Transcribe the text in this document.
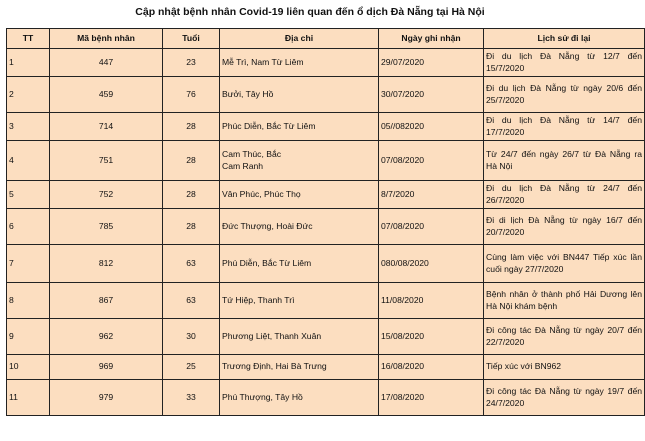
Cập nhật bệnh nhân Covid-19 liên quan đến ổ dịch Đà Nẵng tại Hà Nội
TT	Mã bệnh nhân	Tuổi	Địa chỉ	Ngày ghi nhận	Lịch sử đi lại
1	447	23	Mễ Trì, Nam Từ Liêm	29/07/2020	Đi du lịch Đà Nẵng từ 12/7 đến 15/7/2020
2	459	76	Bưởi, Tây Hồ	30/07/2020	Đi du lịch Đà Nẵng từ ngày 20/6 đến 25/7/2020
3	714	28	Phúc Diễn, Bắc Từ Liêm	05//082020	Đi du lịch Đà Nẵng từ 14/7 đến 17/7/2020
4	751	28	Cam Thúc, Bắc
Cam Ranh	07/08/2020	Từ 24/7 đến ngày 26/7 từ Đà Nẵng ra Hà Nội
5	752	28	Vân Phúc, Phúc Thọ	8/7/2020	Đi du lịch Đà Nẵng từ 24/7 đến 26/7/2020
6	785	28	Đức Thượng, Hoài Đức	07/08/2020	Đi di lịch Đà Nẵng từ ngày 16/7 đến 20/7/2020
7	812	63	Phú Diễn, Bắc Từ Liêm	080/08/2020	Cùng làm việc với BN447 Tiếp xúc lần cuối ngày 27/7/2020
8	867	63	Tứ Hiệp, Thanh Trì	11/08/2020	Bệnh nhân ở thành phố Hải Dương lên Hà Nội khám bệnh
9	962	30	Phương Liệt, Thanh Xuân	15/08/2020	Đi công tác Đà Nẵng từ ngày 20/7 đến 22/7/2020
10	969	25	Trương Định, Hai Bà Trưng	16/08/2020	Tiếp xúc với BN962
11	979	33	Phú Thượng, Tây Hồ	17/08/2020	Đi công tác Đà Nẵng từ ngày 19/7 đến 24/7/2020
